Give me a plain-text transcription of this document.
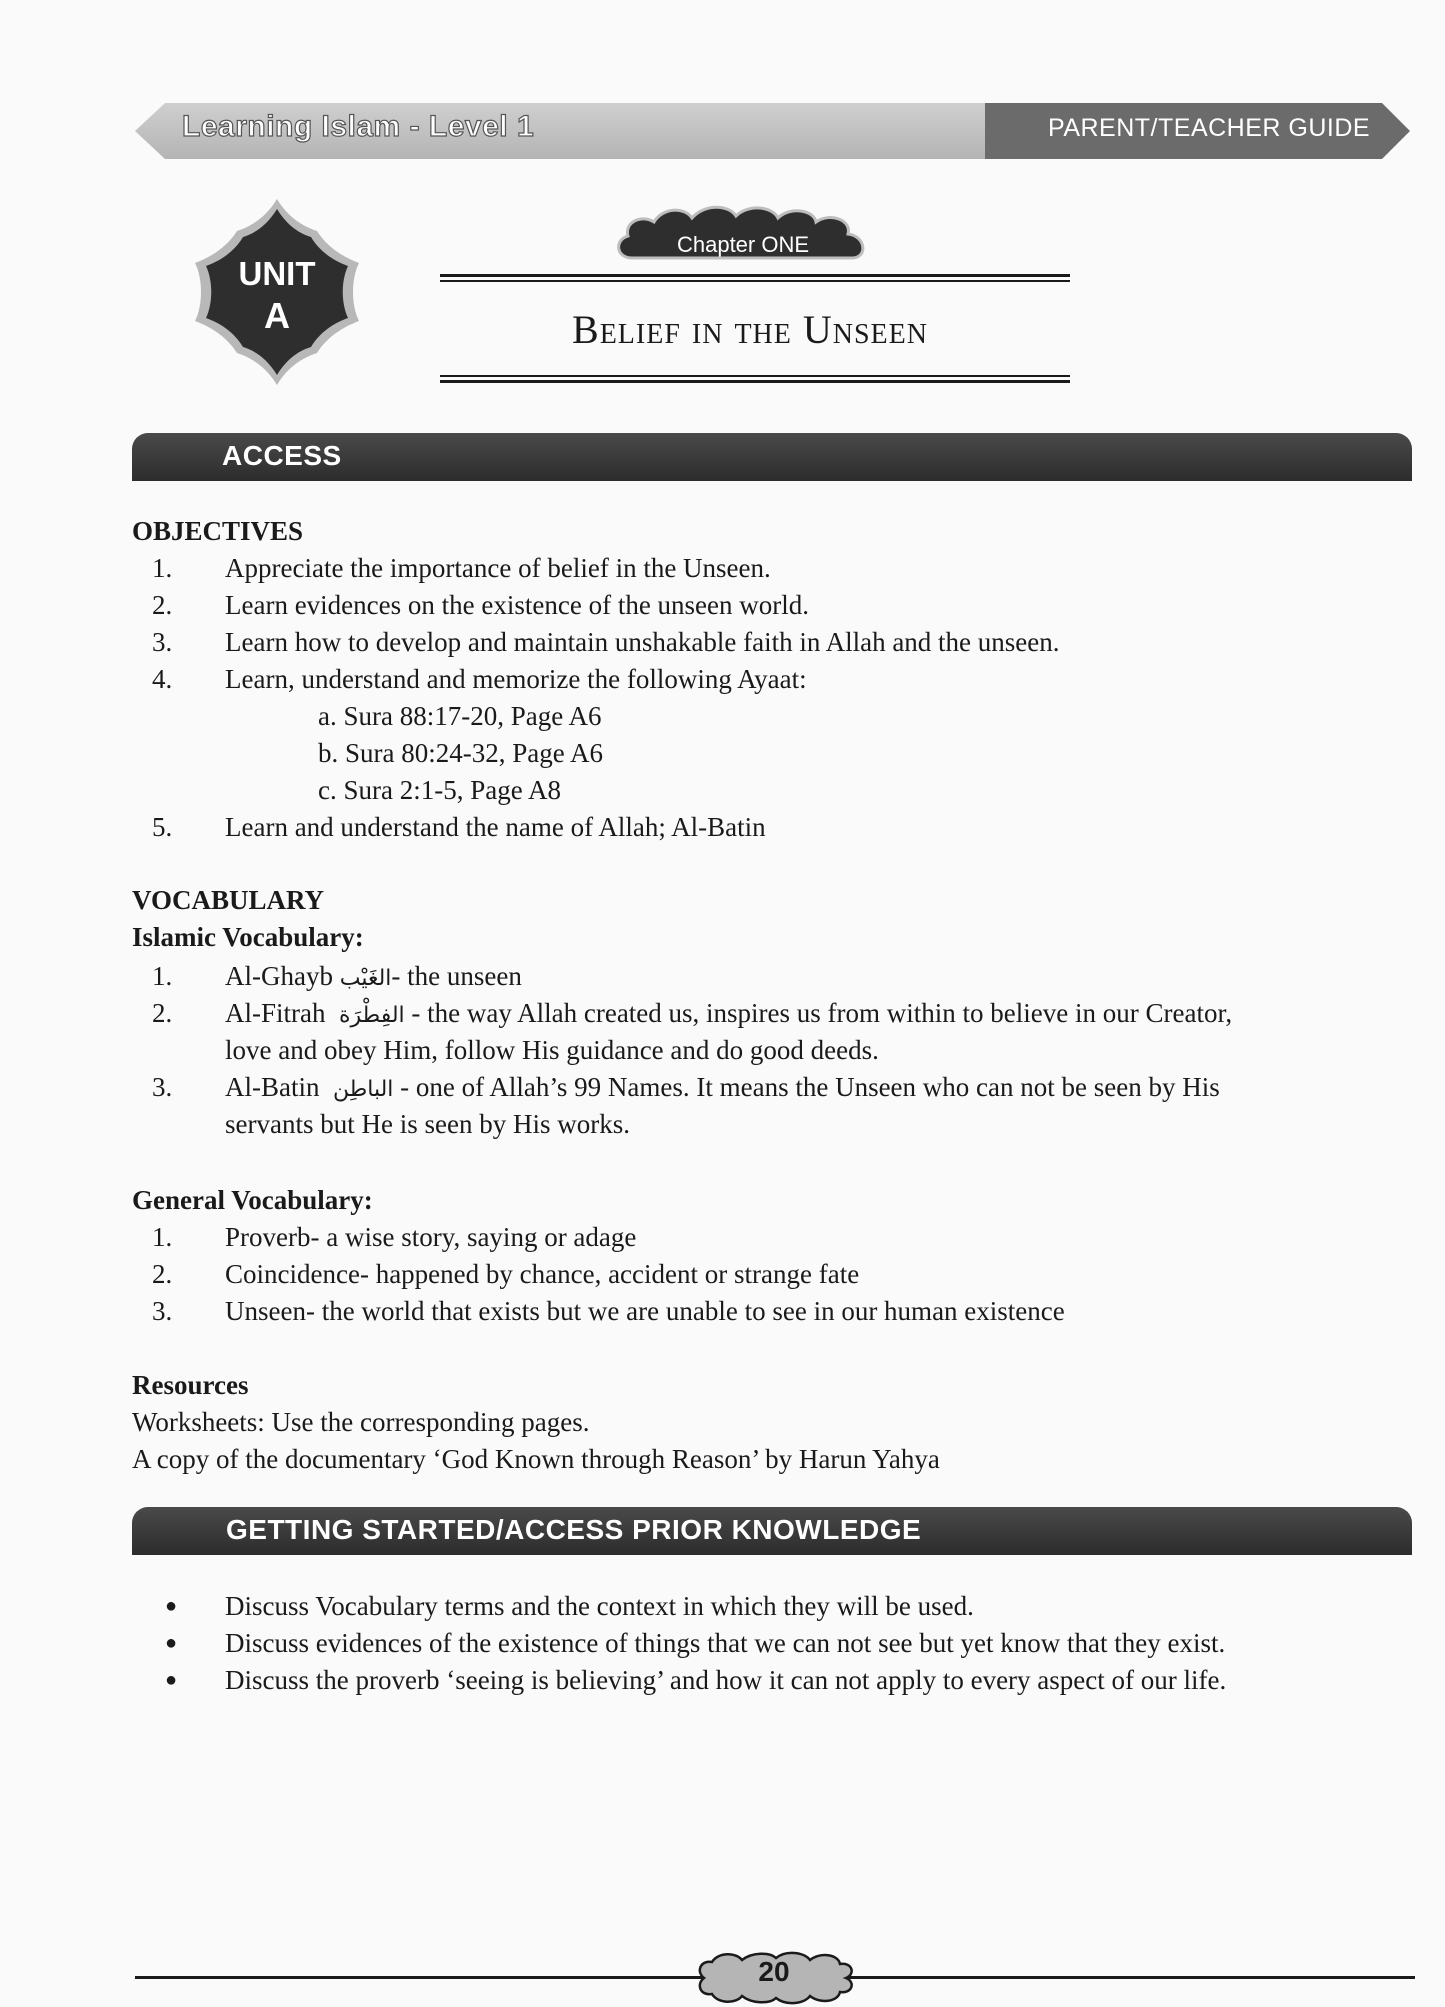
Learning Islam - Level 1	PARENT/TEACHER GUIDE
UNIT
A
Chapter ONE
Belief in the Unseen
ACCESS
OBJECTIVES
1. Appreciate the importance of belief in the Unseen.
2. Learn evidences on the existence of the unseen world.
3. Learn how to develop and maintain unshakable faith in Allah and the unseen.
4. Learn, understand and memorize the following Ayaat:
a. Sura 88:17-20, Page A6
b. Sura 80:24-32, Page A6
c. Sura 2:1-5, Page A8
5. Learn and understand the name of Allah; Al-Batin
VOCABULARY
Islamic Vocabulary:
1. Al-Ghayb الغَيْب- the unseen
2. Al-Fitrah الفِطْرَة - the way Allah created us, inspires us from within to believe in our Creator,
love and obey Him, follow His guidance and do good deeds.
3. Al-Batin الباطِن - one of Allah’s 99 Names. It means the Unseen who can not be seen by His
servants but He is seen by His works.
General Vocabulary:
1. Proverb- a wise story, saying or adage
2. Coincidence- happened by chance, accident or strange fate
3. Unseen- the world that exists but we are unable to see in our human existence
Resources
Worksheets: Use the corresponding pages.
A copy of the documentary ‘God Known through Reason’ by Harun Yahya
GETTING STARTED/ACCESS PRIOR KNOWLEDGE
● Discuss Vocabulary terms and the context in which they will be used.
● Discuss evidences of the existence of things that we can not see but yet know that they exist.
● Discuss the proverb ‘seeing is believing’ and how it can not apply to every aspect of our life.
20
